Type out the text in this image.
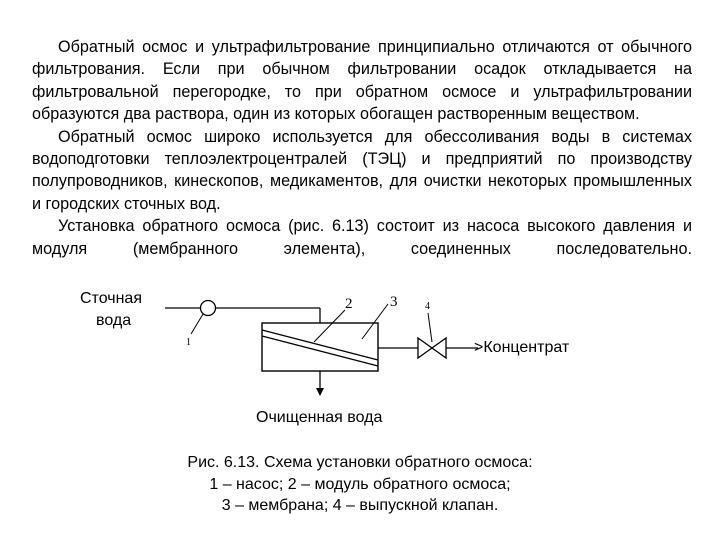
Обратный осмос и ультрафильтрование принципиально отличаются от обычного фильтрования. Если при обычном фильтровании осадок откладывается на фильтровальной перегородке, то при обратном осмосе и ультрафильтровании образуются два раствора, один из которых обогащен растворенным веществом.

Обратный осмос широко используется для обессоливания воды в системах водоподготовки теплоэлектроцентралей (ТЭЦ) и предприятий по производству полупроводников, кинескопов, медикаментов, для очистки некоторых промышленных и городских сточных вод.

Установка обратного осмоса (рис. 6.13) состоит из насоса высокого давления и модуля (мембранного элемента), соединенных последовательно.

Сточная
вода
>Концентрат
Очищенная вода
1
2	3	4
Рис. 6.13. Схема установки обратного осмоса:
1 – насос; 2 – модуль обратного осмоса;
3 – мембрана; 4 – выпускной клапан.
